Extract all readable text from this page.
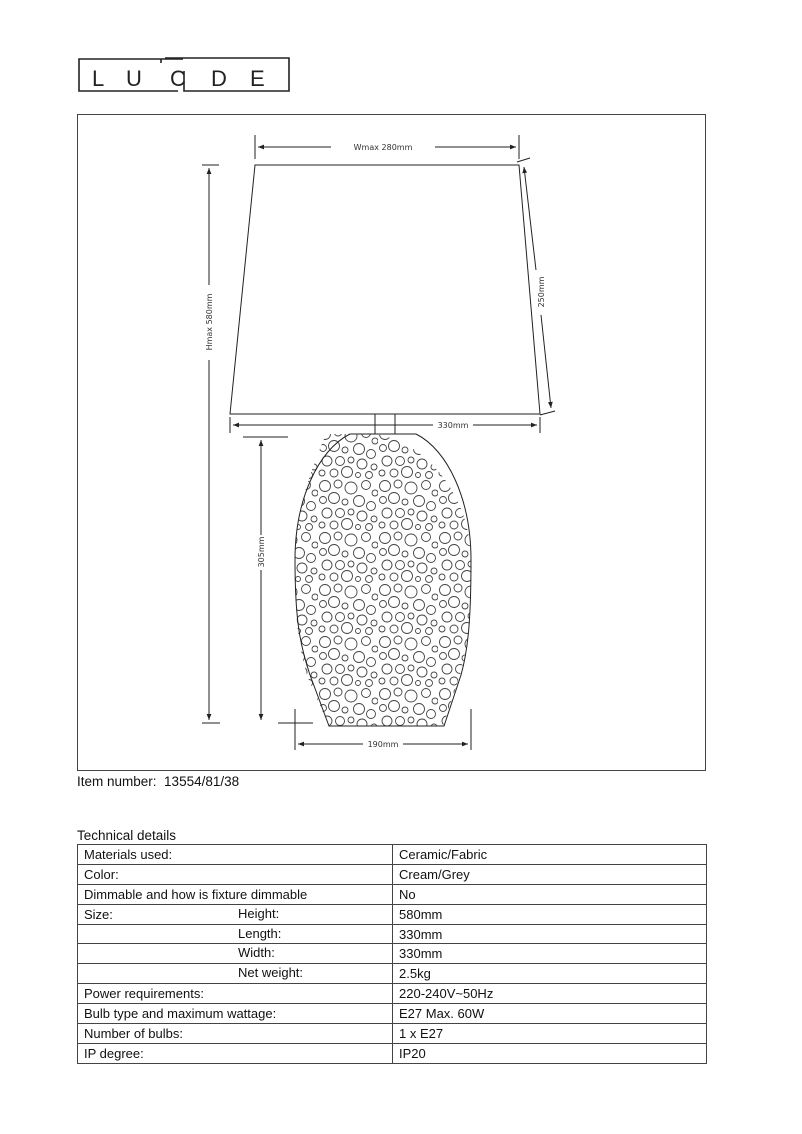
L U C D E
Wmax 280mm
330mm
190mm
Hmax 580mm
305mm
250mm
Item number: 13554/81/38
Technical details
Materials used:	Ceramic/Fabric
Color:	Cream/Grey
Dimmable and how is fixture dimmable	No
Size: Height:	580mm

Length:	330mm

Width:	330mm

Net weight:	2.5kg
Power requirements:	220-240V~50Hz
Bulb type and maximum wattage:	E27 Max. 60W
Number of bulbs:	1 x E27
IP degree:	IP20
